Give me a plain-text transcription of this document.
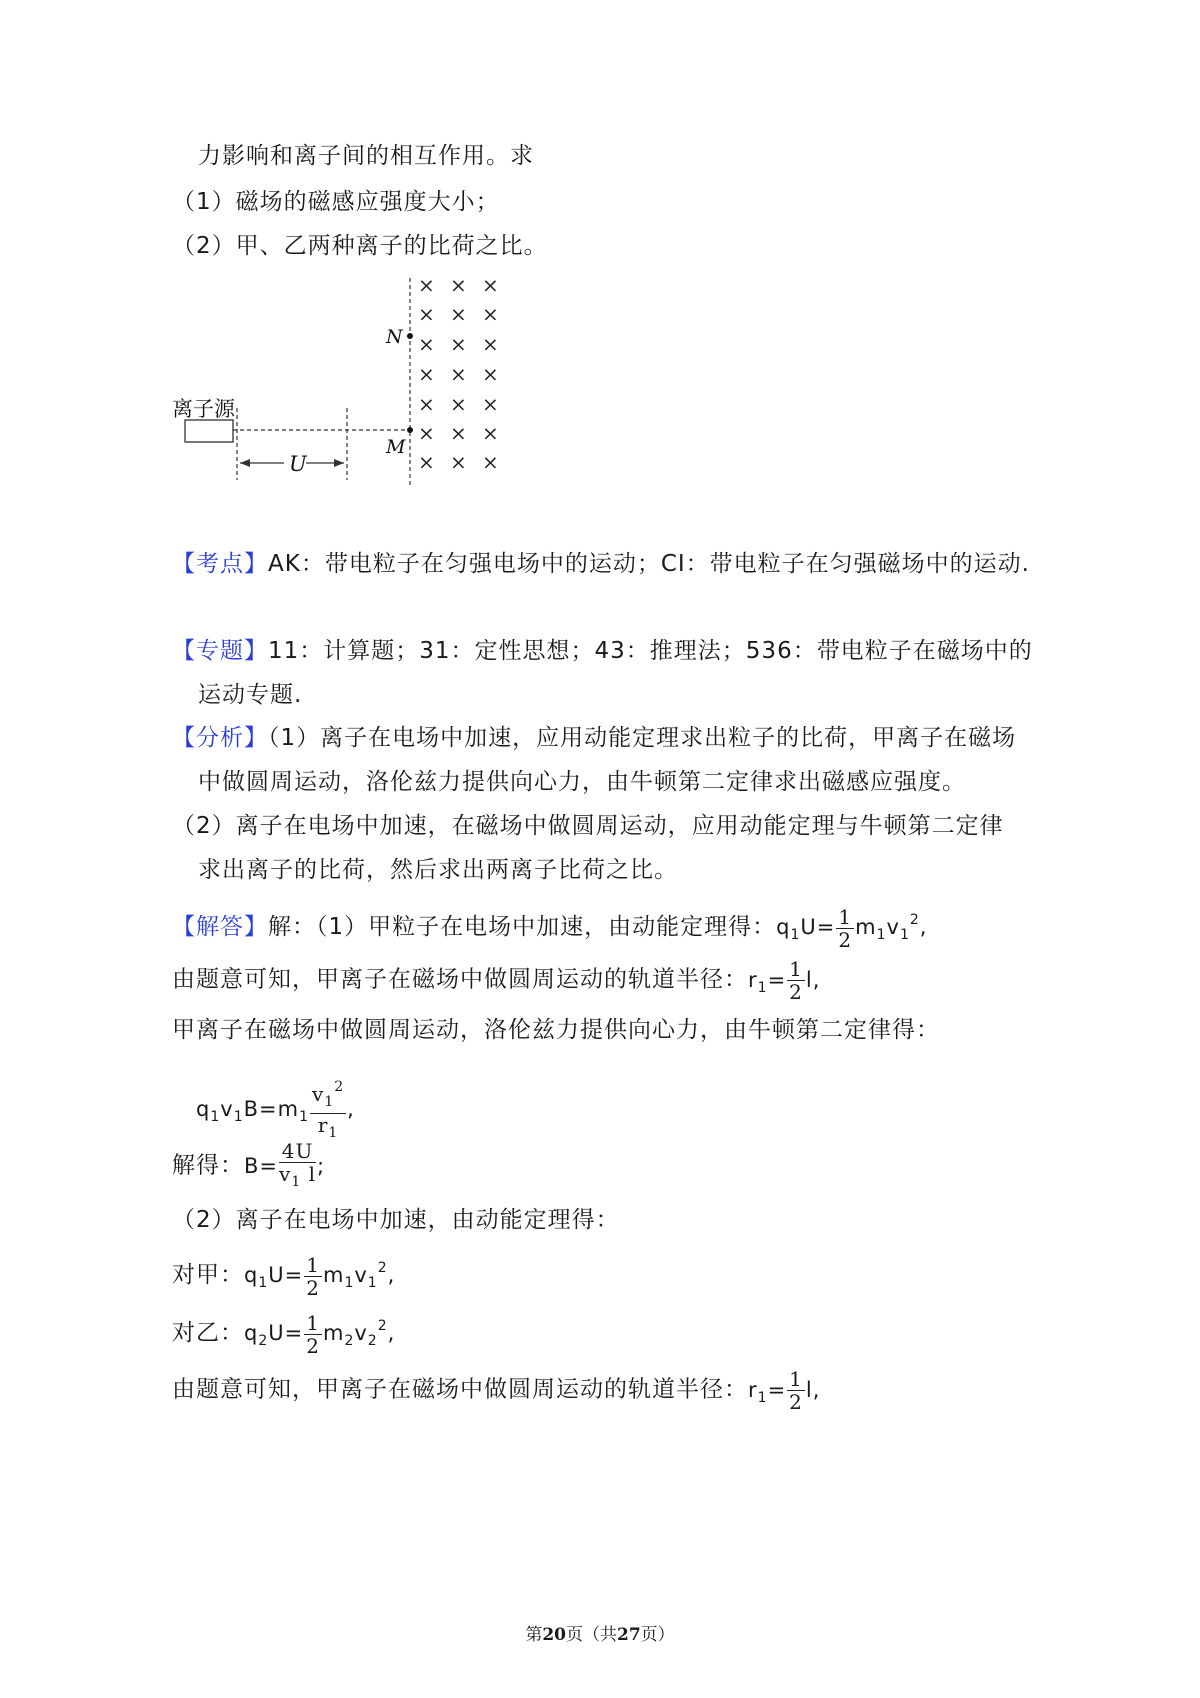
力影响和离子间的相互作用。求
（1）磁场的磁感应强度大小；
（2）甲、乙两种离子的比荷之比。
离子源
U
N
M
× × ×
× × ×
× × ×
× × ×
× × ×
× × ×
× × ×
【考点】AK：带电粒子在匀强电场中的运动；CI：带电粒子在匀强磁场中的运动.
【专题】11：计算题；31：定性思想；43：推理法；536：带电粒子在磁场中的
运动专题.
【分析】（1）离子在电场中加速，应用动能定理求出粒子的比荷，甲离子在磁场
中做圆周运动，洛伦兹力提供向心力，由牛顿第二定律求出磁感应强度。
（2）离子在电场中加速，在磁场中做圆周运动，应用动能定理与牛顿第二定律
求出离子的比荷，然后求出两离子比荷之比。
【解答】解：（1）甲粒子在电场中加速，由动能定理得：$q_1U= \frac{1}{2} m_1v_1^2$,
由题意可知，甲离子在磁场中做圆周运动的轨道半径：$r_1= \frac{1}{2} l$,
甲离子在磁场中做圆周运动，洛伦兹力提供向心力，由牛顿第二定律得：
$q_1v_1B=m_1 \frac{v_1^2}{r_1}$ ,
解得：$B= \frac{4U}{v_1 l}$ ;
（2）离子在电场中加速，由动能定理得：
对甲：$q_1U= \frac{1}{2} m_1v_1^2$,
对乙：$q_2U= \frac{1}{2} m_2v_2^2$,
由题意可知，甲离子在磁场中做圆周运动的轨道半径：$r_1= \frac{1}{2} l$,
第20页（共27页）
